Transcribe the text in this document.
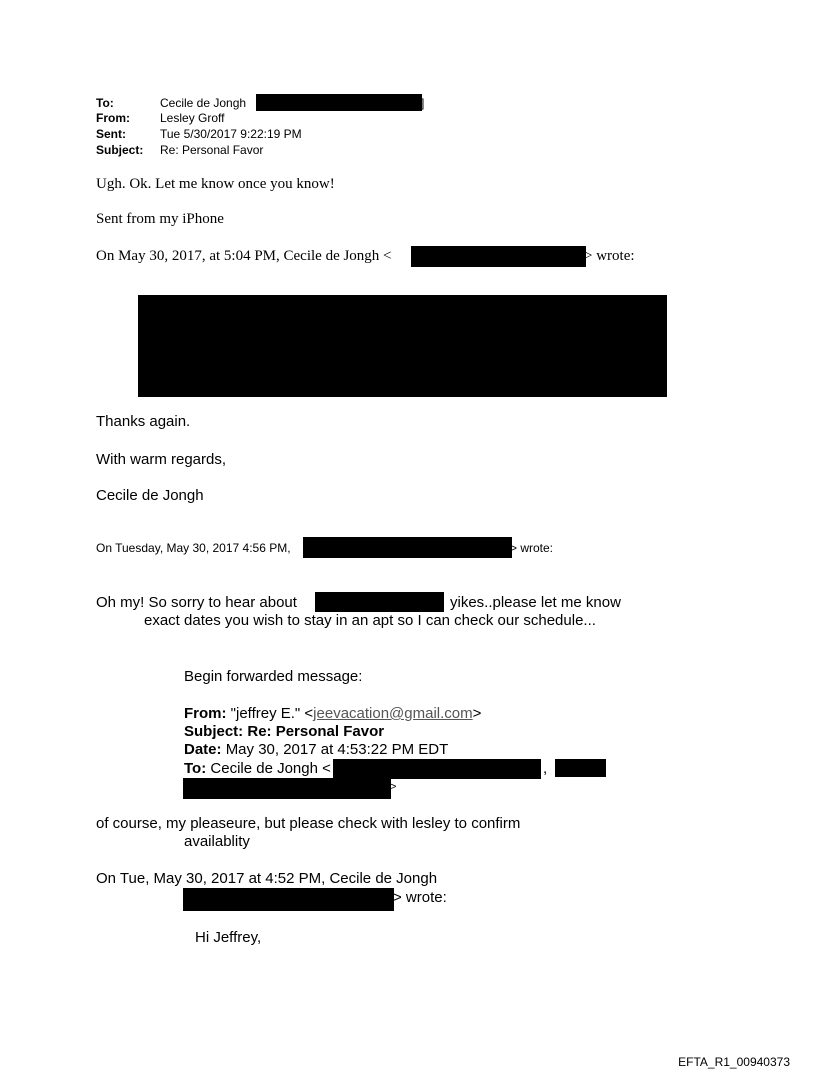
To:	Cecile de Jongh	]
From:	Lesley Groff
Sent:	Tue 5/30/2017 9:22:19 PM
Subject: Re: Personal Favor
Ugh. Ok. Let me know once you know!
Sent from my iPhone
On May 30, 2017, at 5:04 PM, Cecile de Jongh <	> wrote:
Thanks again.
With warm regards,
Cecile de Jongh
On Tuesday, May 30, 2017 4:56 PM,	> wrote:
Oh my! So sorry to hear about	yikes..please let me know
exact dates you wish to stay in an apt so I can check our schedule...
Begin forwarded message:
From: "jeffrey E." <jeevacation@gmail.com>
Subject: Re: Personal Favor
Date: May 30, 2017 at 4:53:22 PM EDT
To: Cecile de Jongh <	,
>
of course, my pleaseure, but please check with lesley to confirm
availablity
On Tue, May 30, 2017 at 4:52 PM, Cecile de Jongh
> wrote:
Hi Jeffrey,
EFTA_R1_00940373
